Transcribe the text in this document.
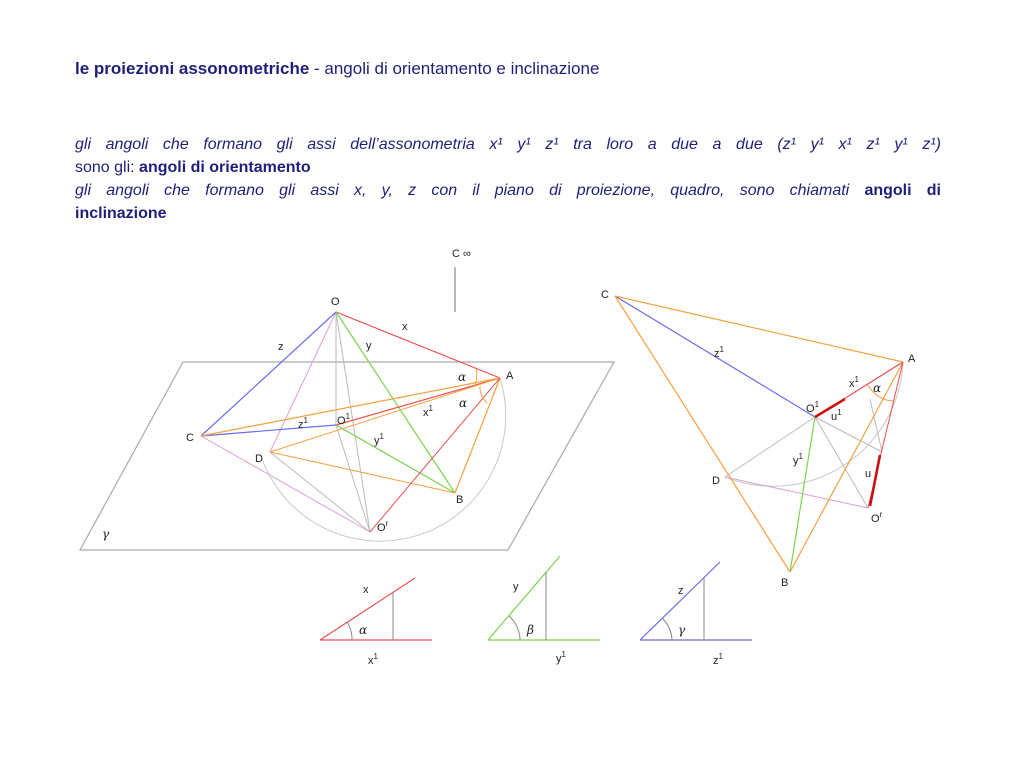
le proiezioni assonometriche - angoli di orientamento e inclinazione
gli angoli che formano gli assi dell’assonometria x¹ y¹ z¹ tra loro a due a due (z¹ y¹ x¹ z¹ y¹ z¹)
sono gli: angoli di orientamento
gli angoli che formano gli assi x, y, z con il piano di proiezione, quadro, sono chiamati angoli di
inclinazione
C ∞
O
x
z	y
A
α
α
C
$z^1$	$O^1$	$x^1$
$y^1$
D
B
$O^r$
γ
C
$z^1$
A
$x^1$
α
$O^1$
$u^1$
$y^1$
D
u
$O^r$
B
x
α
$x^1$
y
β
$y^1$
z
γ
$z^1$
